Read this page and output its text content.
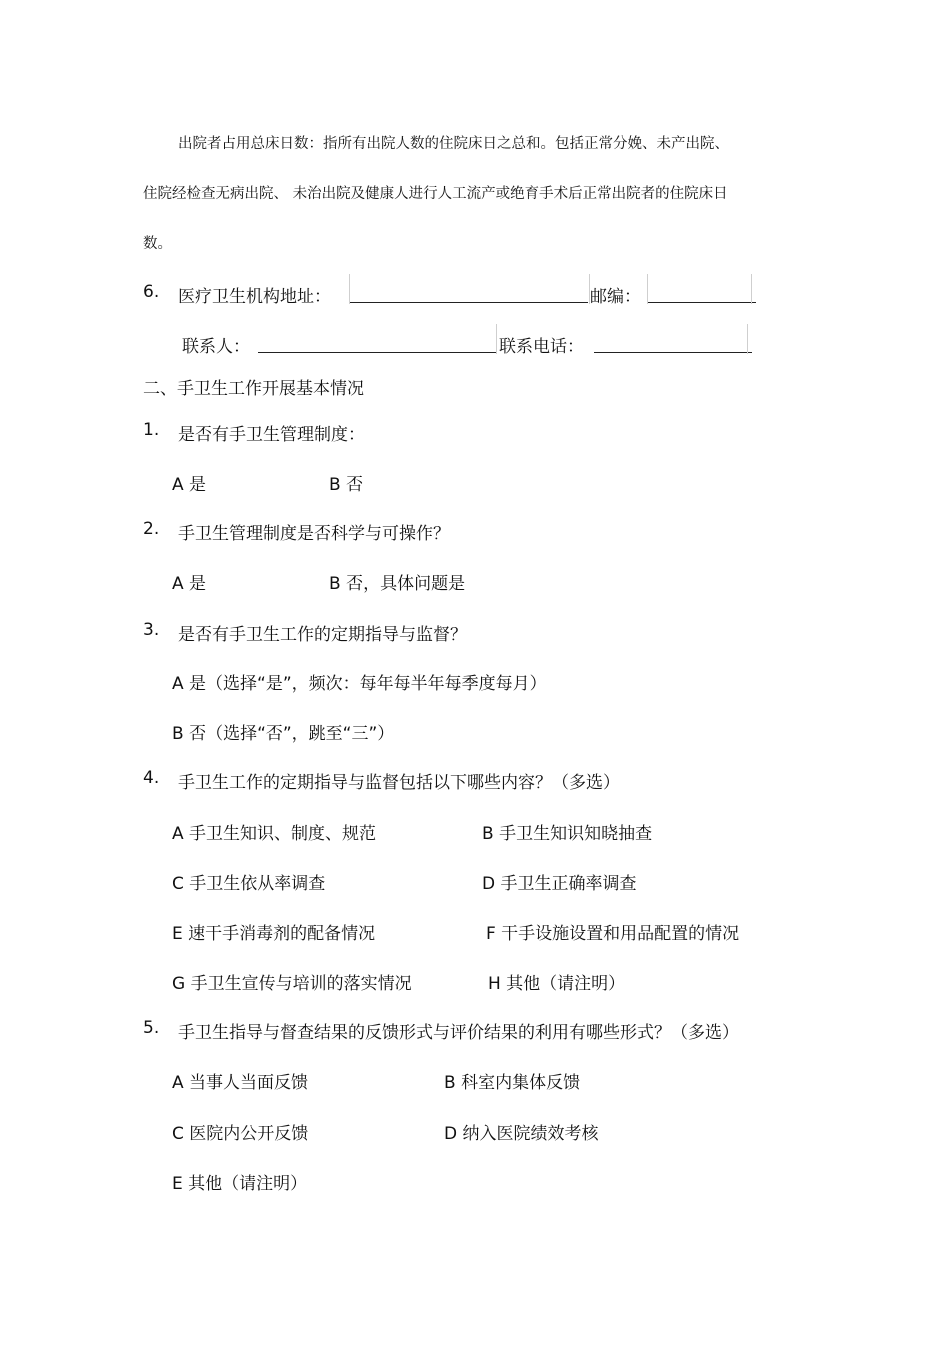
出院者占用总床日数：指所有出院人数的住院床日之总和。包括正常分娩、未产出院、
住院经检查无病出院、 未治出院及健康人进行人工流产或绝育手术后正常出院者的住院床日
数。
6. 医疗卫生机构地址：	邮编：
联系人：	联系电话：
二、手卫生工作开展基本情况
1. 是否有手卫生管理制度：
A 是	B 否
2. 手卫生管理制度是否科学与可操作？
A 是	B 否，具体问题是
3. 是否有手卫生工作的定期指导与监督？
A 是（选择“是”，频次：每年每半年每季度每月）
B 否（选择“否”，跳至“三”）
4. 手卫生工作的定期指导与监督包括以下哪些内容？（多选）
A 手卫生知识、制度、规范	B 手卫生知识知晓抽查
C 手卫生依从率调查	D 手卫生正确率调查
E 速干手消毒剂的配备情况	F 干手设施设置和用品配置的情况
G 手卫生宣传与培训的落实情况	H 其他（请注明）
5. 手卫生指导与督查结果的反馈形式与评价结果的利用有哪些形式？（多选）
A 当事人当面反馈	B 科室内集体反馈
C 医院内公开反馈	D 纳入医院绩效考核
E 其他（请注明）
